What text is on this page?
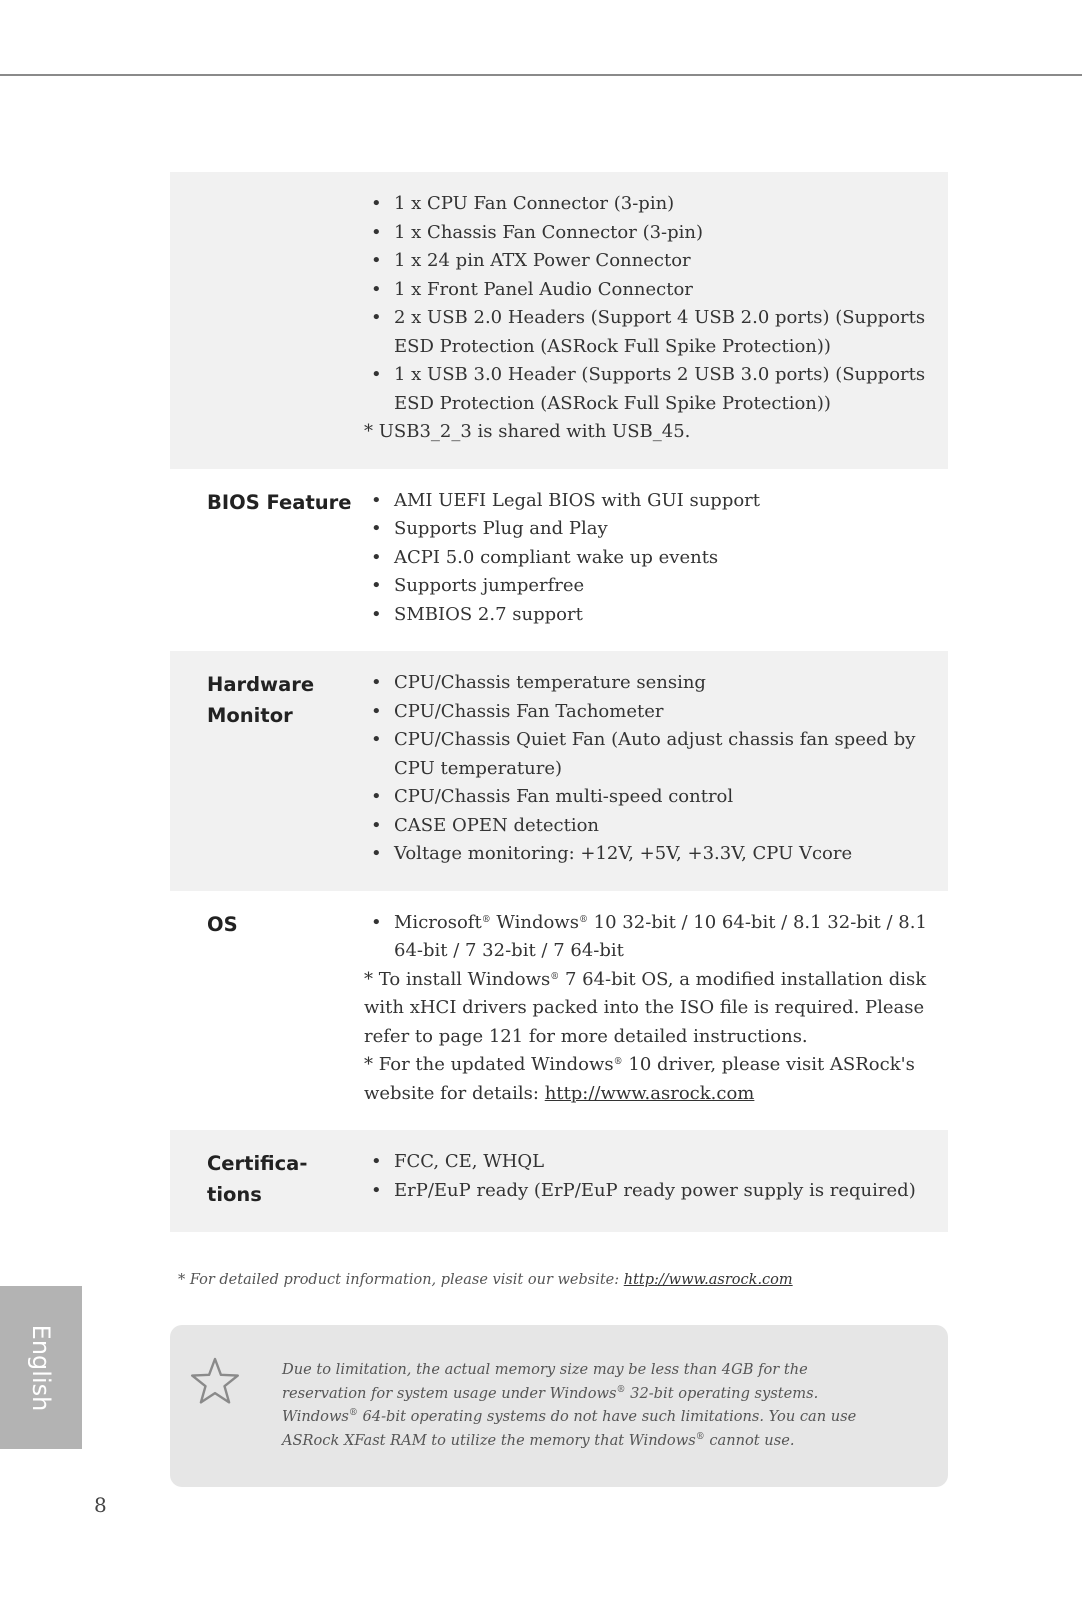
• 1 x CPU Fan Connector (3-pin)
• 1 x Chassis Fan Connector (3-pin)
• 1 x 24 pin ATX Power Connector
• 1 x Front Panel Audio Connector
• 2 x USB 2.0 Headers (Support 4 USB 2.0 ports) (Supports ESD Protection (ASRock Full Spike Protection))
• 1 x USB 3.0 Header (Supports 2 USB 3.0 ports) (Supports ESD Protection (ASRock Full Spike Protection))

* USB3_2_3 is shared with USB_45.

BIOS Feature	• AMI UEFI Legal BIOS with GUI support
• Supports Plug and Play
• ACPI 5.0 compliant wake up events
• Supports jumperfree
• SMBIOS 2.7 support
Hardware Monitor
• CPU/Chassis temperature sensing
• CPU/Chassis Fan Tachometer
• CPU/Chassis Quiet Fan (Auto adjust chassis fan speed by CPU temperature)
• CPU/Chassis Fan multi-speed control
• CASE OPEN detection
• Voltage monitoring: +12V, +5V, +3.3V, CPU Vcore
OS	• Microsoft® Windows® 10 32-bit / 10 64-bit / 8.1 32-bit / 8.1 64-bit / 7 32-bit / 7 64-bit

* To install Windows® 7 64-bit OS, a modified installation disk with xHCI drivers packed into the ISO file is required. Please refer to page 121 for more detailed instructions.

* For the updated Windows® 10 driver, please visit ASRock's website for details: http://www.asrock.com

Certifica-tions
• FCC, CE, WHQL
• ErP/EuP ready (ErP/EuP ready power supply is required)
* For detailed product information, please visit our website: http://www.asrock.com
Due to limitation, the actual memory size may be less than 4GB for the reservation for system usage under Windows® 32-bit operating systems. Windows® 64-bit operating systems do not have such limitations. You can use ASRock XFast RAM to utilize the memory that Windows® cannot use.
English
8
